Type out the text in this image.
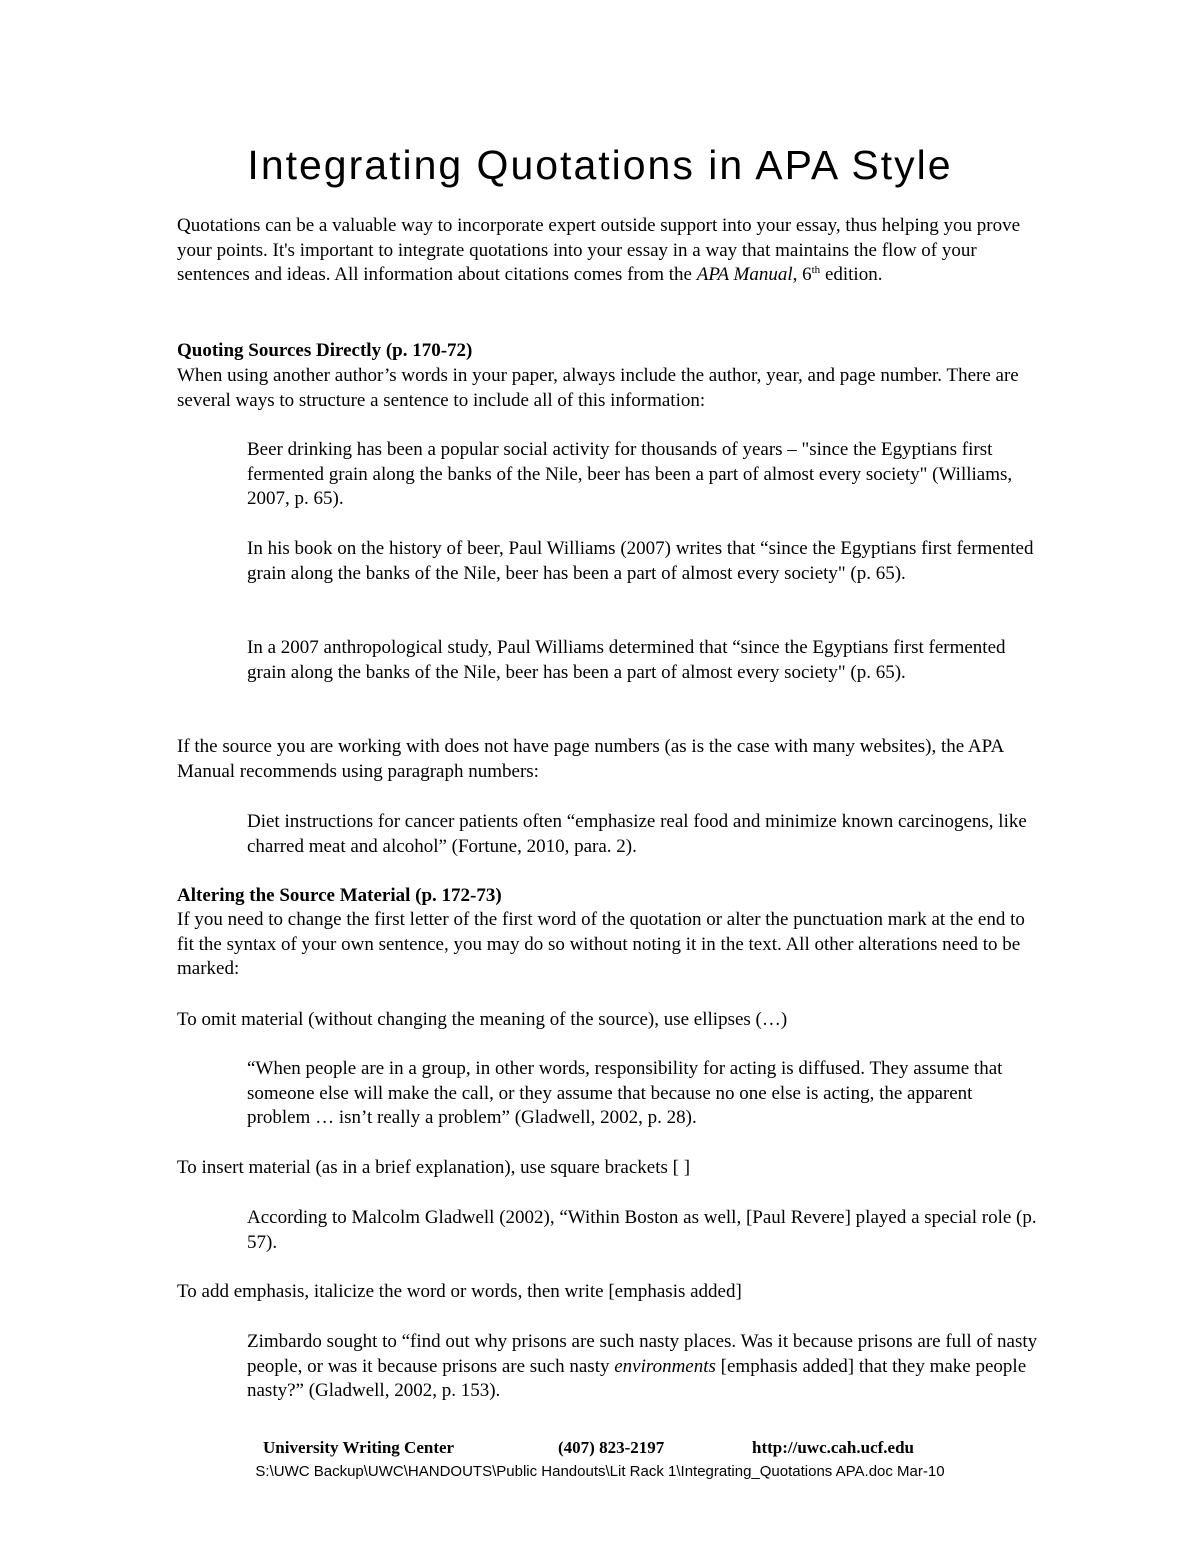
Integrating Quotations in APA Style

Quotations can be a valuable way to incorporate expert outside support into your essay, thus helping you prove your points. It's important to integrate quotations into your essay in a way that maintains the flow of your sentences and ideas. All information about citations comes from the APA Manual, 6th edition.

Quoting Sources Directly (p. 170-72)

When using another author’s words in your paper, always include the author, year, and page number. There are several ways to structure a sentence to include all of this information:

Beer drinking has been a popular social activity for thousands of years – "since the Egyptians first fermented grain along the banks of the Nile, beer has been a part of almost every society" (Williams, 2007, p. 65).

In his book on the history of beer, Paul Williams (2007) writes that “since the Egyptians first fermented grain along the banks of the Nile, beer has been a part of almost every society" (p. 65).

In a 2007 anthropological study, Paul Williams determined that “since the Egyptians first fermented grain along the banks of the Nile, beer has been a part of almost every society" (p. 65).

If the source you are working with does not have page numbers (as is the case with many websites), the APA Manual recommends using paragraph numbers:

Diet instructions for cancer patients often “emphasize real food and minimize known carcinogens, like charred meat and alcohol” (Fortune, 2010, para. 2).

Altering the Source Material (p. 172-73)

If you need to change the first letter of the first word of the quotation or alter the punctuation mark at the end to fit the syntax of your own sentence, you may do so without noting it in the text. All other alterations need to be marked:

To omit material (without changing the meaning of the source), use ellipses (…)

“When people are in a group, in other words, responsibility for acting is diffused. They assume that someone else will make the call, or they assume that because no one else is acting, the apparent problem … isn’t really a problem” (Gladwell, 2002, p. 28).

To insert material (as in a brief explanation), use square brackets [ ]

According to Malcolm Gladwell (2002), “Within Boston as well, [Paul Revere] played a special role (p. 57).

To add emphasis, italicize the word or words, then write [emphasis added]

Zimbardo sought to “find out why prisons are such nasty places. Was it because prisons are full of nasty people, or was it because prisons are such nasty environments [emphasis added] that they make people nasty?” (Gladwell, 2002, p. 153).

University Writing Center	(407) 823-2197	http://uwc.cah.ucf.edu
S:\UWC Backup\UWC\HANDOUTS\Public Handouts\Lit Rack 1\Integrating_Quotations APA.doc Mar-10
